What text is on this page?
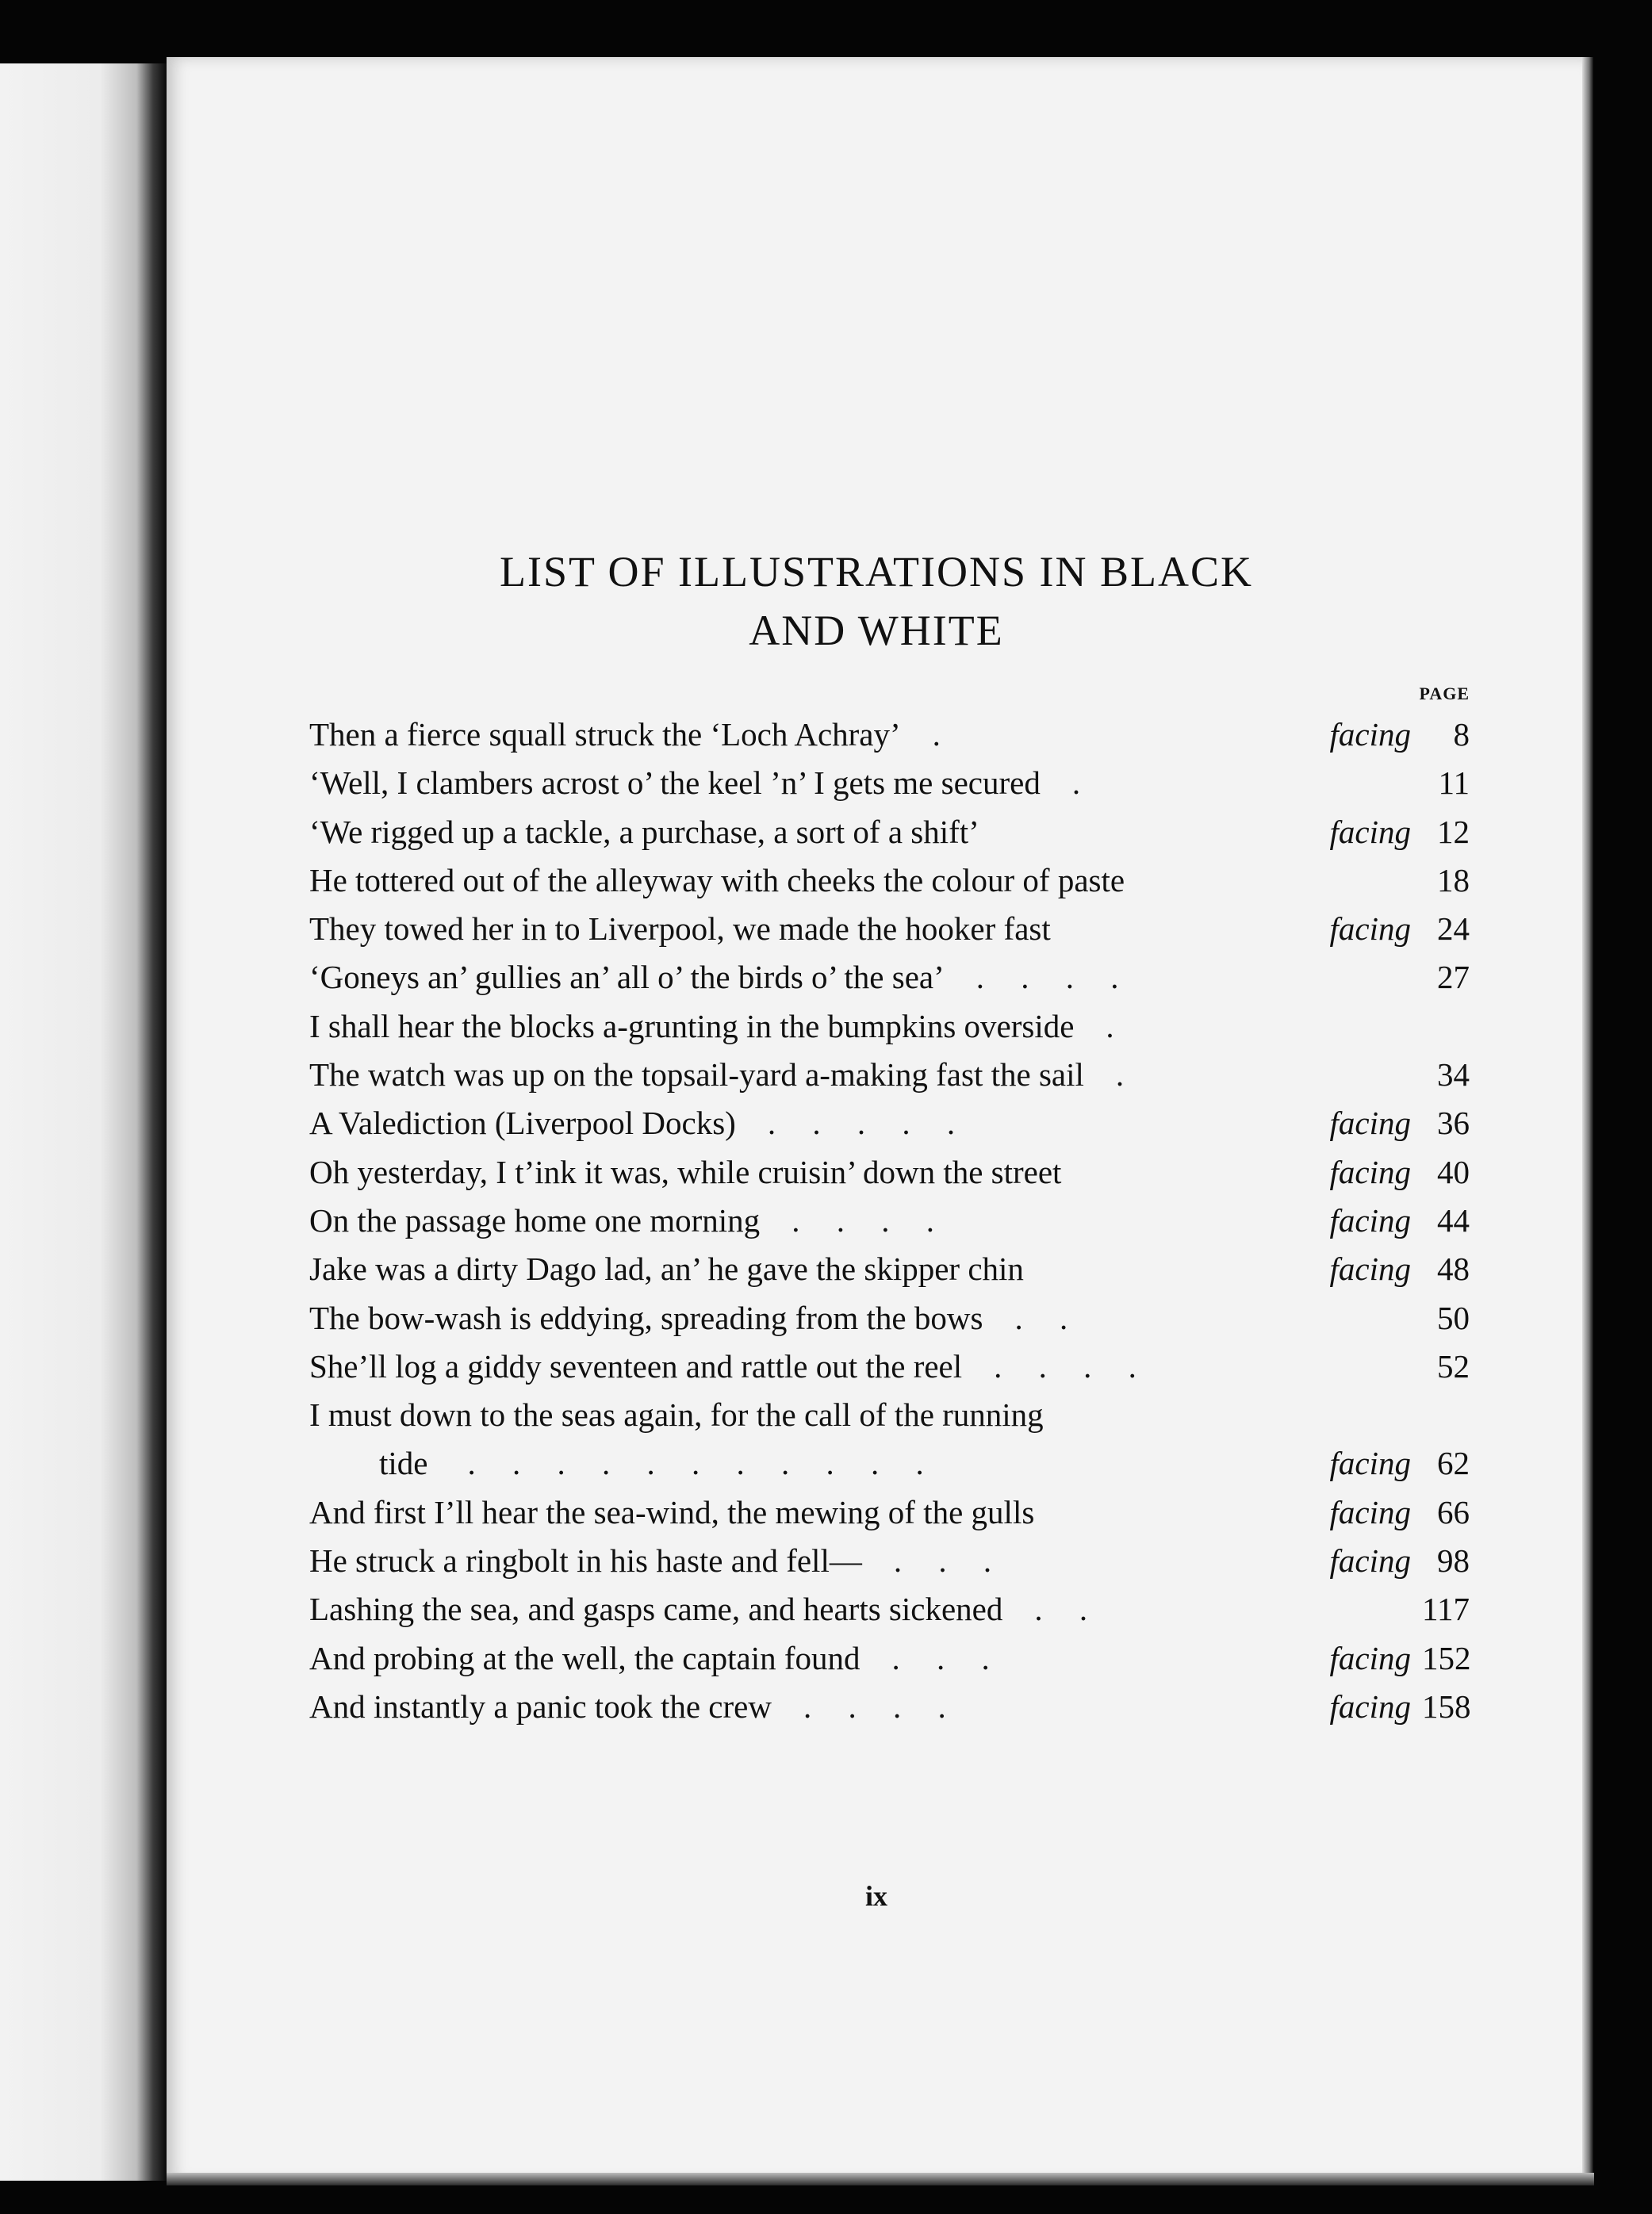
LIST OF ILLUSTRATIONS IN BLACK
AND WHITE
PAGE
Then a fierce squall struck the ‘Loch Achray’ .	facing	8
‘Well, I clambers acrost o’ the keel ’n’ I gets me secured .	11
‘We rigged up a tackle, a purchase, a sort of a shift’	facing 12
He tottered out of the alleyway with cheeks the colour of paste	18
They towed her in to Liverpool, we made the hooker fast	facing 24
‘Goneys an’ gullies an’ all o’ the birds o’ the sea’ . . . .	27
I shall hear the blocks a-grunting in the bumpkins overside .
The watch was up on the topsail-yard a-making fast the sail .	34
A Valediction (Liverpool Docks) . . . . .	facing 36
Oh yesterday, I t’ink it was, while cruisin’ down the street	facing 40
On the passage home one morning . . . .	facing 44
Jake was a dirty Dago lad, an’ he gave the skipper chin	facing 48
The bow-wash is eddying, spreading from the bows . .	50
She’ll log a giddy seventeen and rattle out the reel . . . .	52
I must down to the seas again, for the call of the running
tide . . . . . . . . . . .	facing 62
And first I’ll hear the sea-wind, the mewing of the gulls	facing 66
He struck a ringbolt in his haste and fell— . . .	facing 98
Lashing the sea, and gasps came, and hearts sickened . .	117
And probing at the well, the captain found . . .	facing 152
And instantly a panic took the crew . . . .	facing 158
ix
